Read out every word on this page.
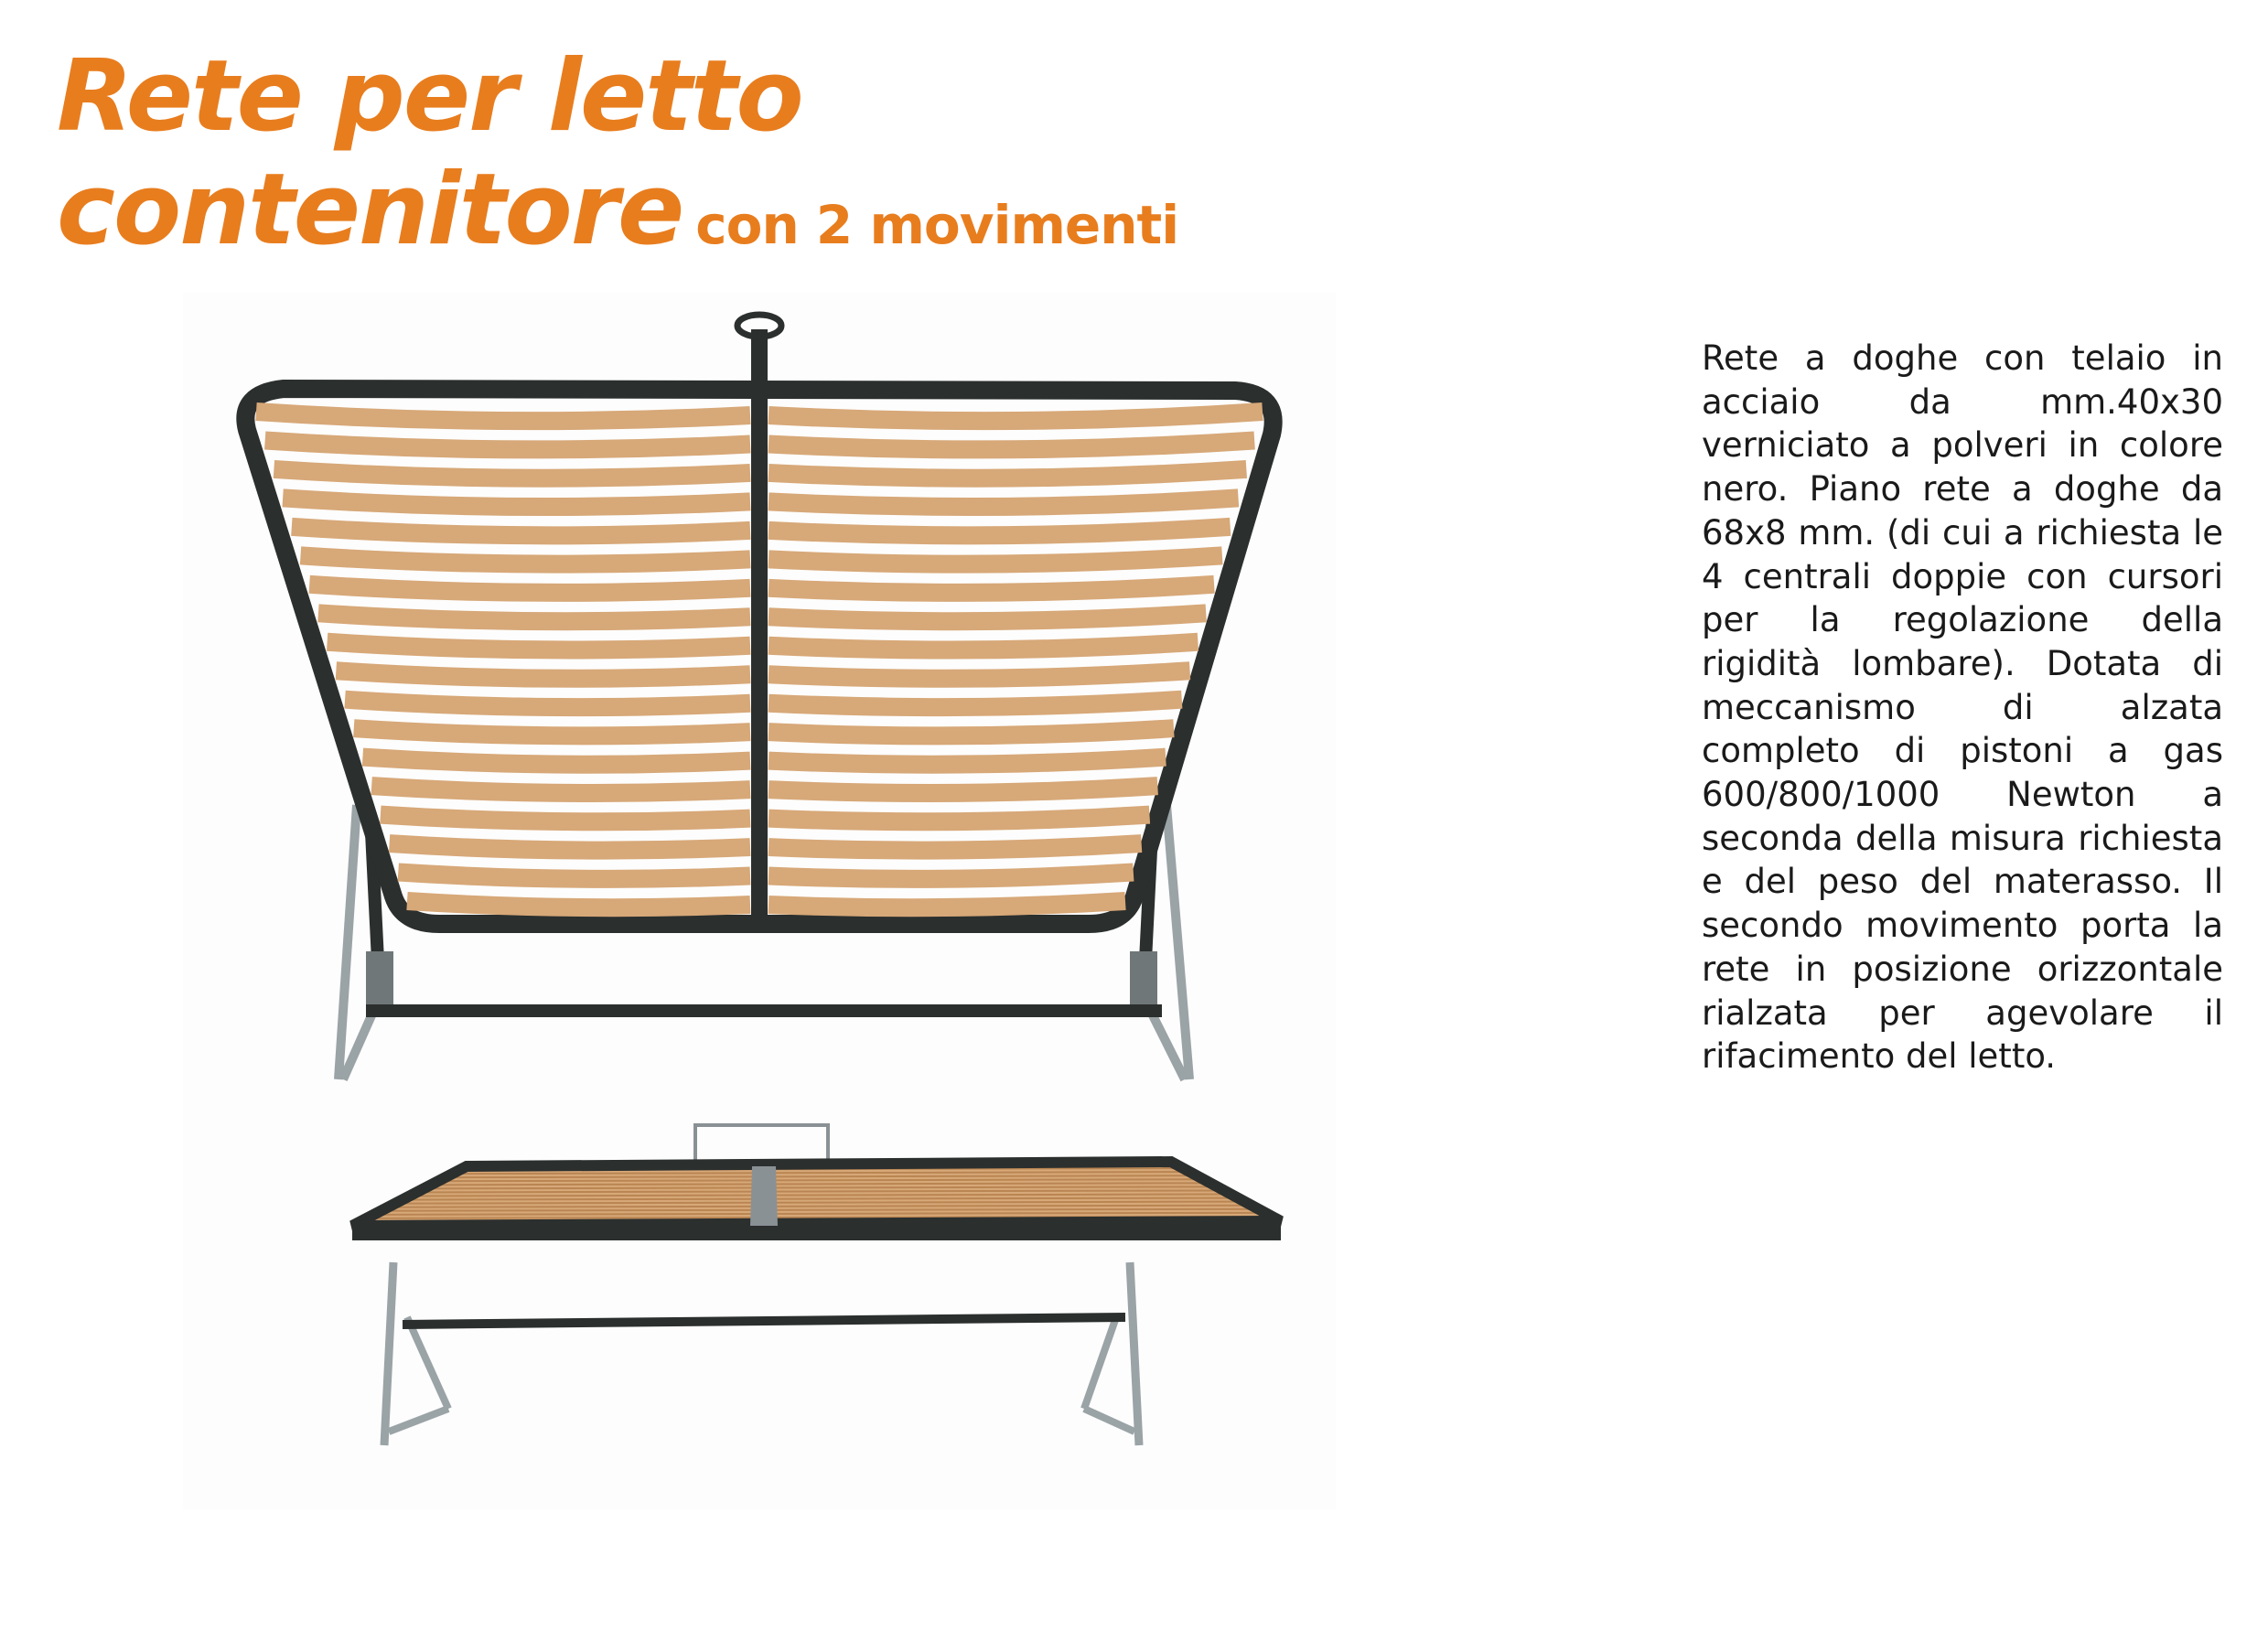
Rete per letto
contenitore con 2 movimenti
Rete a doghe con telaio in acciaio da mm.40x30 verniciato a polveri in colore nero. Piano rete a doghe da 68x8 mm. (di cui a richiesta le 4 centrali doppie con cursori per la regolazione della rigidità lombare). Dotata di meccanismo di alzata completo di pistoni a gas 600/800/1000 Newton a seconda della misura richiesta e del peso del materasso. Il secondo movimento porta la rete in posizione orizzontale rialzata per agevolare il rifacimento del letto.
